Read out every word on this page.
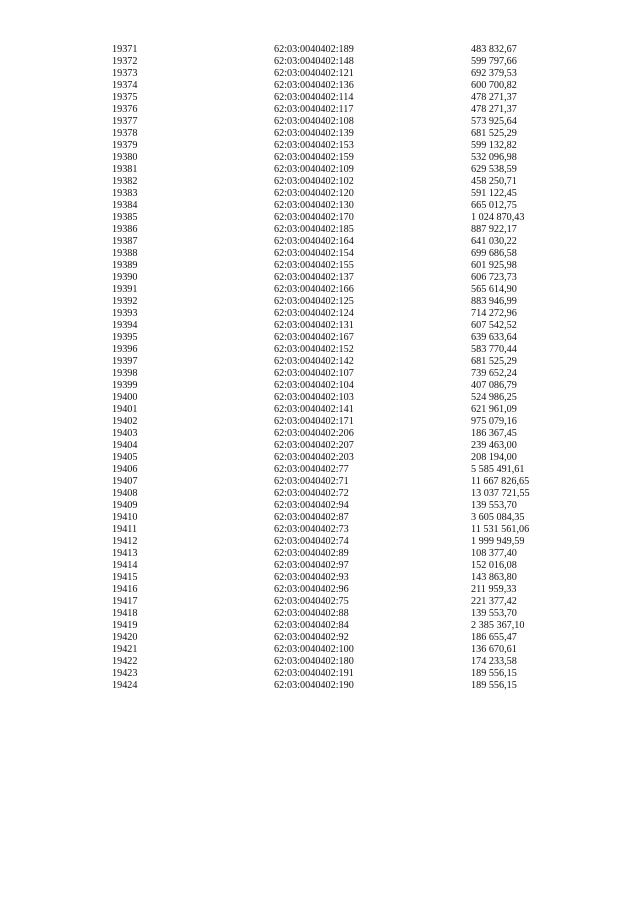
19371	62:03:0040402:189	483 832,67
19372	62:03:0040402:148	599 797,66
19373	62:03:0040402:121	692 379,53
19374	62:03:0040402:136	600 700,82
19375	62:03:0040402:114	478 271,37
19376	62:03:0040402:117	478 271,37
19377	62:03:0040402:108	573 925,64
19378	62:03:0040402:139	681 525,29
19379	62:03:0040402:153	599 132,82
19380	62:03:0040402:159	532 096,98
19381	62:03:0040402:109	629 538,59
19382	62:03:0040402:102	458 250,71
19383	62:03:0040402:120	591 122,45
19384	62:03:0040402:130	665 012,75
19385	62:03:0040402:170	1 024 870,43
19386	62:03:0040402:185	887 922,17
19387	62:03:0040402:164	641 030,22
19388	62:03:0040402:154	699 686,58
19389	62:03:0040402:155	601 925,98
19390	62:03:0040402:137	606 723,73
19391	62:03:0040402:166	565 614,90
19392	62:03:0040402:125	883 946,99
19393	62:03:0040402:124	714 272,96
19394	62:03:0040402:131	607 542,52
19395	62:03:0040402:167	639 633,64
19396	62:03:0040402:152	583 770,44
19397	62:03:0040402:142	681 525,29
19398	62:03:0040402:107	739 652,24
19399	62:03:0040402:104	407 086,79
19400	62:03:0040402:103	524 986,25
19401	62:03:0040402:141	621 961,09
19402	62:03:0040402:171	975 079,16
19403	62:03:0040402:206	186 367,45
19404	62:03:0040402:207	239 463,00
19405	62:03:0040402:203	208 194,00
19406	62:03:0040402:77	5 585 491,61
19407	62:03:0040402:71	11 667 826,65
19408	62:03:0040402:72	13 037 721,55
19409	62:03:0040402:94	139 553,70
19410	62:03:0040402:87	3 605 084,35
19411	62:03:0040402:73	11 531 561,06
19412	62:03:0040402:74	1 999 949,59
19413	62:03:0040402:89	108 377,40
19414	62:03:0040402:97	152 016,08
19415	62:03:0040402:93	143 863,80
19416	62:03:0040402:96	211 959,33
19417	62:03:0040402:75	221 377,42
19418	62:03:0040402:88	139 553,70
19419	62:03:0040402:84	2 385 367,10
19420	62:03:0040402:92	186 655,47
19421	62:03:0040402:100	136 670,61
19422	62:03:0040402:180	174 233,58
19423	62:03:0040402:191	189 556,15
19424	62:03:0040402:190	189 556,15
